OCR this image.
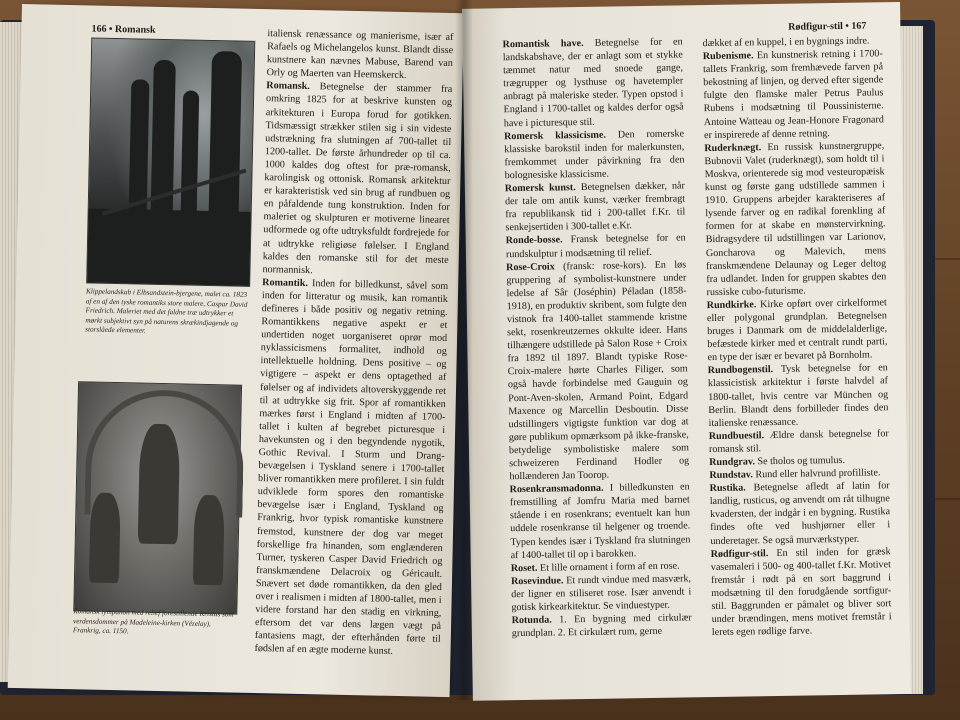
166 • Romansk
Klippelandskab i Elbsandstein-bjergene, malet ca. 1823 af en af den tyske romantiks store malere, Caspar David Friedrich. Maleriet med det faldne træ udtrykker et mørkt subjektivt syn på naturens skrækindjagende og storslåede elementer.
Romansk tympanon med relief forestillende Kristus som verdensdommer på Madeleine-kirken (Vézelay), Frankrig, ca. 1150.

italiensk renæssance og manierisme, især af Rafaels og Michelangelos kunst. Blandt disse kunstnere kan nævnes Mabuse, Barend van Orly og Maerten van Heemskerck.

Romansk. Betegnelse der stammer fra omkring 1825 for at beskrive kunsten og arkitekturen i Europa forud for gotikken. Tidsmæssigt strækker stilen sig i sin videste udstrækning fra slutningen af 700-tallet til 1200-tallet. De første århundreder op til ca. 1000 kaldes dog oftest for præ-romansk, karolingisk og ottonisk. Romansk arkitektur er karakteristisk ved sin brug af rundbuen og en påfaldende tung konstruktion. Inden for maleriet og skulpturen er motiverne linearet udformede og ofte udtryksfuldt fordrejede for at udtrykke religiøse følelser. I England kaldes den romanske stil for det meste normannisk.

Romantik. Inden for billedkunst, såvel som inden for litteratur og musik, kan romantik defineres i både positiv og negativ retning. Romantikkens negative aspekt er et undertiden noget uorganiseret oprør mod nyklassicismens formalitet, indhold og intellektuelle holdning. Dens positive – og vigtigere – aspekt er dens optagethed af følelser og af individets altoverskyggende ret til at udtrykke sig frit. Spor af romantikken mærkes først i England i midten af 1700-tallet i kulten af begrebet picturesque i havekunsten og i den begyndende nygotik, Gothic Revival. I Sturm und Drang-bevægelsen i Tyskland senere i 1700-tallet bliver romantikken mere profileret. I sin fuldt udviklede form spores den romantiske bevægelse især i England, Tyskland og Frankrig, hvor typisk romantiske kunstnere fremstod, kunstnere der dog var meget forskellige fra hinanden, som englænderen Turner, tyskeren Casper David Friedrich og franskmændene Delacroix og Géricault. Snævert set døde romantikken, da den gled over i realismen i midten af 1800-tallet, men i videre forstand har den stadig en virkning, eftersom det var dens lægen vægt på fantasiens magt, der efterhånden førte til fødslen af en ægte moderne kunst.

Rødfigur-stil • 167

Romantisk have. Betegnelse for en landskabshave, der er anlagt som et stykke tæmmet natur med snoede gange, trægrupper og lysthuse og havetempler anbragt på maleriske steder. Typen opstod i England i 1700-tallet og kaldes derfor også have i picturesque stil.

Romersk klassicisme. Den romerske klassiske barokstil inden for malerkunsten, fremkommet under påvirkning fra den bolognesiske klassicisme.

Romersk kunst. Betegnelsen dækker, når der tale om antik kunst, værker frembragt fra republikansk tid i 200-tallet f.Kr. til senkejsertiden i 300-tallet e.Kr.

Ronde-bosse. Fransk betegnelse for en rundskulptur i modsætning til relief.

Rose-Croix (fransk: rose-kors). En løs gruppering af symbolist-kunstnere under ledelse af Sâr (Joséphin) Péladan (1858-1918), en produktiv skribent, som fulgte den vistnok fra 1400-tallet stammende kristne sekt, rosenkreutzernes okkulte ideer. Hans tilhængere udstillede på Salon Rose + Croix fra 1892 til 1897. Blandt typiske Rose-Croix-malere hørte Charles Filiger, som også havde forbindelse med Gauguin og Pont-Aven-skolen, Armand Point, Edgard Maxence og Marcellin Desboutin. Disse udstillingers vigtigste funktion var dog at gøre publikum opmærksom på ikke-franske, betydelige symbolistiske malere som schweizeren Ferdinand Hodler og hollænderen Jan Toorop.

Rosenkransmadonna. I billedkunsten en fremstilling af Jomfru Maria med barnet stående i en rosenkrans; eventuelt kan hun uddele rosenkranse til helgener og troende. Typen kendes især i Tyskland fra slutningen af 1400-tallet til op i barokken.

Roset. Et lille ornament i form af en rose.

Rosevindue. Et rundt vindue med masværk, der ligner en stiliseret rose. Især anvendt i gotisk kirkearkitektur. Se vinduestyper.

Rotunda. 1. En bygning med cirkulær grundplan. 2. Et cirkulært rum, gerne

dækket af en kuppel, i en bygnings indre.

Rubenisme. En kunstnerisk retning i 1700-tallets Frankrig, som fremhævede farven på bekostning af linjen, og derved efter sigende fulgte den flamske maler Petrus Paulus Rubens i modsætning til Poussinisterne. Antoine Watteau og Jean-Honore Fragonard er inspirerede af denne retning.

Ruderknægt. En russisk kunstnergruppe, Bubnovii Valet (ruderknægt), som holdt til i Moskva, orienterede sig mod vesteuropæisk kunst og første gang udstillede sammen i 1910. Gruppens arbejder karakteriseres af lysende farver og en radikal forenkling af formen for at skabe en mønstervirkning. Bidragsydere til udstillingen var Larionov, Goncharova og Malevich, mens franskmændene Delaunay og Leger deltog fra udlandet. Inden for gruppen skabtes den russiske cubo-futurisme.

Rundkirke. Kirke opført over cirkelformet eller polygonal grundplan. Betegnelsen bruges i Danmark om de middelalderlige, befæstede kirker med et centralt rundt parti, en type der især er bevaret på Bornholm.

Rundbogenstil. Tysk betegnelse for en klassicistisk arkitektur i første halvdel af 1800-tallet, hvis centre var München og Berlin. Blandt dens forbilleder findes den italienske renæssance.

Rundbuestil. Ældre dansk betegnelse for romansk stil.

Rundgrav. Se tholos og tumulus.

Rundstav. Rund eller halvrund profilliste.

Rustika. Betegnelse afledt af latin for landlig, rusticus, og anvendt om råt tilhugne kvadersten, der indgår i en bygning. Rustika findes ofte ved hushjørner eller i underetager. Se også murværkstyper.

Rødfigur-stil. En stil inden for græsk vasemaleri i 500- og 400-tallet f.Kr. Motivet fremstår i rødt på en sort baggrund i modsætning til den forudgående sortfigur-stil. Baggrunden er påmalet og bliver sort under brændingen, mens motivet fremstår i lerets egen rødlige farve.
